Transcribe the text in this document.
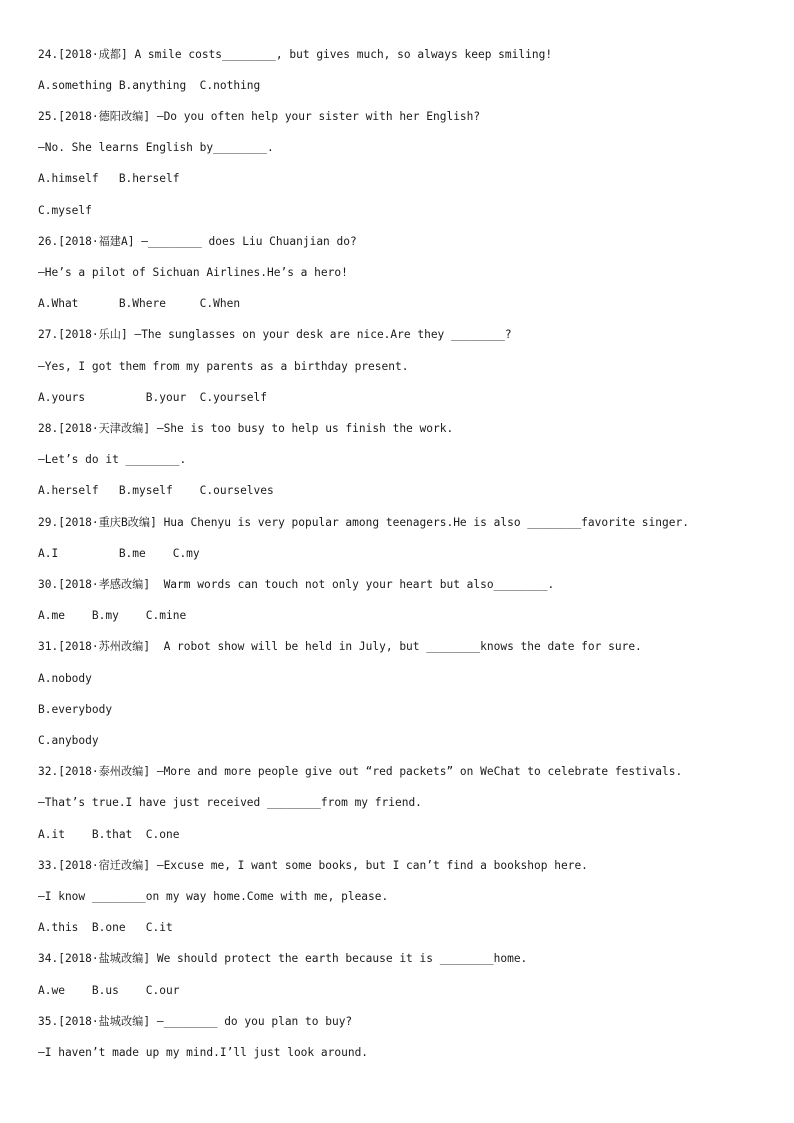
24.[2018·成都] A smile costs________, but gives much, so always keep smiling!
A.something B.anything  C.nothing
25.[2018·德阳改编] —Do you often help your sister with her English?
—No. She learns English by________.
A.himself   B.herself
C.myself
26.[2018·福建A] —________ does Liu Chuanjian do?
—He’s a pilot of Sichuan Airlines.He’s a hero!
A.What      B.Where     C.When
27.[2018·乐山] —The sunglasses on your desk are nice.Are they ________?
—Yes, I got them from my parents as a birthday present.
A.yours         B.your  C.yourself
28.[2018·天津改编] —She is too busy to help us finish the work.
—Let’s do it ________.
A.herself   B.myself    C.ourselves
29.[2018·重庆B改编] Hua Chenyu is very popular among teenagers.He is also ________favorite singer.
A.I         B.me    C.my
30.[2018·孝感改编]  Warm words can touch not only your heart but also________.
A.me    B.my    C.mine
31.[2018·苏州改编]  A robot show will be held in July, but ________knows the date for sure.
A.nobody
B.everybody
C.anybody
32.[2018·泰州改编] —More and more people give out “red packets” on WeChat to celebrate festivals.
—That’s true.I have just received ________from my friend.
A.it    B.that  C.one
33.[2018·宿迁改编] —Excuse me, I want some books, but I can’t find a bookshop here.
—I know ________on my way home.Come with me, please.
A.this  B.one   C.it
34.[2018·盐城改编] We should protect the earth because it is ________home.
A.we    B.us    C.our
35.[2018·盐城改编] —________ do you plan to buy?
—I haven’t made up my mind.I’ll just look around.
